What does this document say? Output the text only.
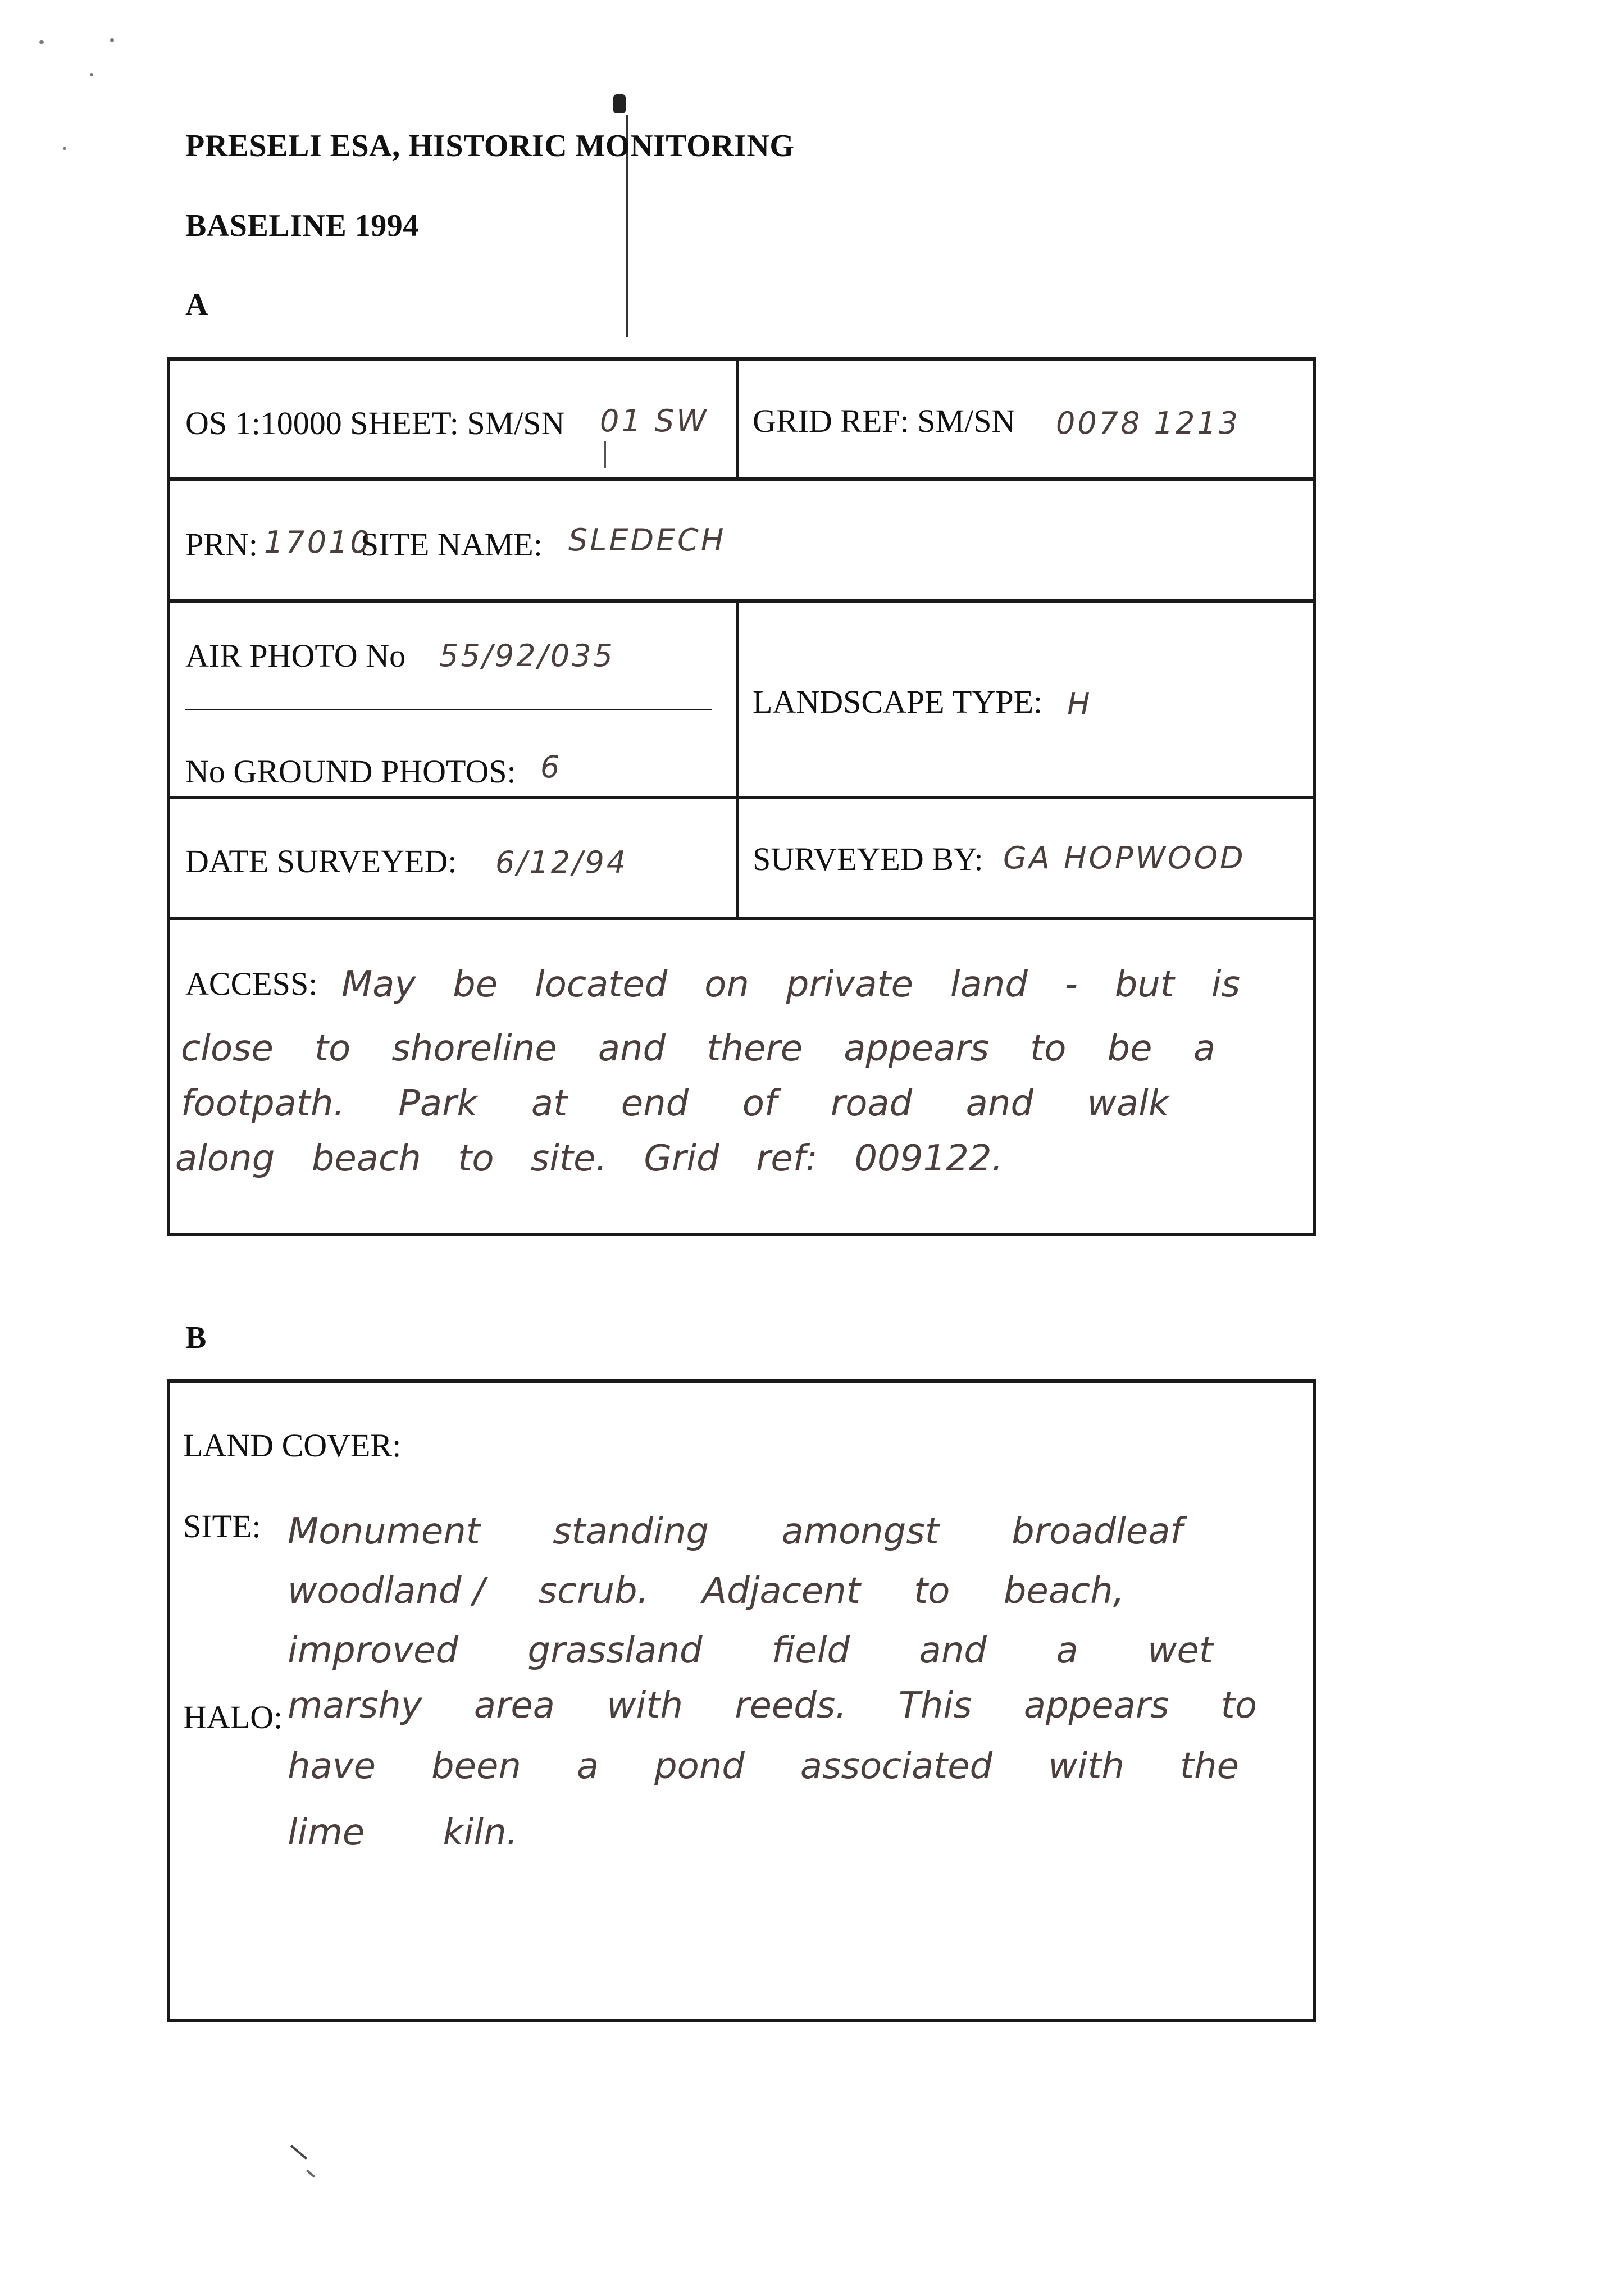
PRESELI ESA, HISTORIC MONITORING
BASELINE 1994
A
OS 1:10000 SHEET: SM/SN 01 SW GRID REF: SM/SN 0078 1213
PRN: 17010
SITE NAME: SLEDECH
AIR PHOTO No 55/92/035
No GROUND PHOTOS: 6
LANDSCAPE TYPE: H
DATE SURVEYED: 6/12/94	SURVEYED BY: GA HOPWOOD
ACCESS: May be located on private land - but is
close to shoreline and there appears to be a
footpath. Park at end of road and walk
along beach to site. Grid ref: 009122.
B
LAND COVER:
SITE:
HALO:
Monument standing amongst broadleaf
woodland / scrub. Adjacent to beach,
improved grassland field and a wet
marshy area with reeds. This appears to
have been a pond associated with the
lime kiln.
